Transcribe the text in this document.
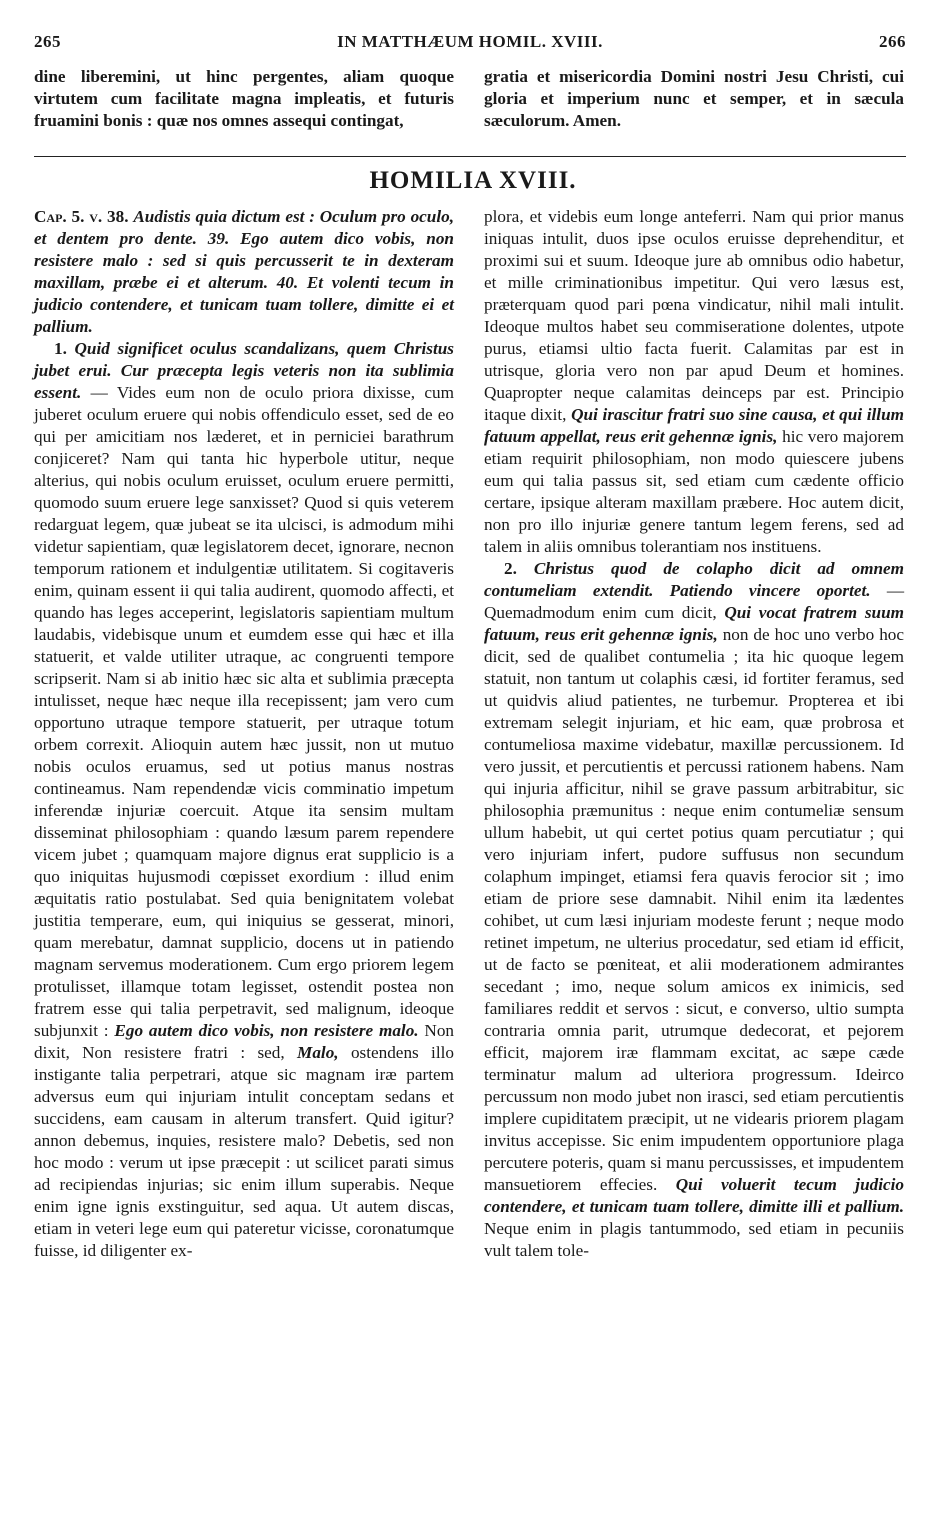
265	IN MATTHÆUM HOMIL. XVIII.	266

dine liberemini, ut hinc pergentes, aliam quoque virtutem cum facilitate magna impleatis, et futuris fruamini bonis : quæ nos omnes assequi contingat,

gratia et misericordia Domini nostri Jesu Christi, cui gloria et imperium nunc et semper, et in sæcula sæculorum. Amen.

HOMILIA XVIII.

Cap. 5. v. 38. Audistis quia dictum est : Oculum pro oculo, et dentem pro dente. 39. Ego autem dico vobis, non resistere malo : sed si quis percusserit te in dexteram maxillam, præbe ei et alterum. 40. Et volenti tecum in judicio contendere, et tunicam tuam tollere, dimitte ei et pallium.

1. Quid significet oculus scandalizans, quem Christus jubet erui. Cur præcepta legis veteris non ita sublimia essent. — Vides eum non de oculo priora dixisse, cum juberet oculum eruere qui nobis offendiculo esset, sed de eo qui per amicitiam nos læderet, et in perniciei barathrum conjiceret? Nam qui tanta hic hyperbole utitur, neque alterius, qui nobis oculum eruisset, oculum eruere permitti, quomodo suum eruere lege sanxisset? Quod si quis veterem redarguat legem, quæ jubeat se ita ulcisci, is admodum mihi videtur sapientiam, quæ legislatorem decet, ignorare, necnon temporum rationem et indulgentiæ utilitatem. Si cogitaveris enim, quinam essent ii qui talia audirent, quomodo affecti, et quando has leges acceperint, legislatoris sapientiam multum laudabis, videbisque unum et eumdem esse qui hæc et illa statuerit, et valde utiliter utraque, ac congruenti tempore scripserit. Nam si ab initio hæc sic alta et sublimia præcepta intulisset, neque hæc neque illa recepissent; jam vero cum opportuno utraque tempore statuerit, per utraque totum orbem correxit. Alioquin autem hæc jussit, non ut mutuo nobis oculos eruamus, sed ut potius manus nostras contineamus. Nam rependendæ vicis comminatio impetum inferendæ injuriæ coercuit. Atque ita sensim multam disseminat philosophiam : quando læsum parem rependere vicem jubet ; quamquam majore dignus erat supplicio is a quo iniquitas hujusmodi cœpisset exordium : illud enim æquitatis ratio postulabat. Sed quia benignitatem volebat justitia temperare, eum, qui iniquius se gesserat, minori, quam merebatur, damnat supplicio, docens ut in patiendo magnam servemus moderationem. Cum ergo priorem legem protulisset, illamque totam legisset, ostendit postea non fratrem esse qui talia perpetravit, sed malignum, ideoque subjunxit : Ego autem dico vobis, non resistere malo. Non dixit, Non resistere fratri : sed, Malo, ostendens illo instigante talia perpetrari, atque sic magnam iræ partem adversus eum qui injuriam intulit conceptam sedans et succidens, eam causam in alterum transfert. Quid igitur? annon debemus, inquies, resistere malo? Debetis, sed non hoc modo : verum ut ipse præcepit : ut scilicet parati simus ad recipiendas injurias; sic enim illum superabis. Neque enim igne ignis exstinguitur, sed aqua. Ut autem discas, etiam in veteri lege eum qui pateretur vicisse, coronatumque fuisse, id diligenter ex-

plora, et videbis eum longe anteferri. Nam qui prior manus iniquas intulit, duos ipse oculos eruisse deprehenditur, et proximi sui et suum. Ideoque jure ab omnibus odio habetur, et mille criminationibus impetitur. Qui vero læsus est, præterquam quod pari pœna vindicatur, nihil mali intulit. Ideoque multos habet seu commiseratione dolentes, utpote purus, etiamsi ultio facta fuerit. Calamitas par est in utrisque, gloria vero non par apud Deum et homines. Quapropter neque calamitas deinceps par est. Principio itaque dixit, Qui irascitur fratri suo sine causa, et qui illum fatuum appellat, reus erit gehennæ ignis, hic vero majorem etiam requirit philosophiam, non modo quiescere jubens eum qui talia passus sit, sed etiam cum cædente officio certare, ipsique alteram maxillam præbere. Hoc autem dicit, non pro illo injuriæ genere tantum legem ferens, sed ad talem in aliis omnibus tolerantiam nos instituens.

2. Christus quod de colapho dicit ad omnem contumeliam extendit. Patiendo vincere oportet. — Quemadmodum enim cum dicit, Qui vocat fratrem suum fatuum, reus erit gehennæ ignis, non de hoc uno verbo hoc dicit, sed de qualibet contumelia ; ita hic quoque legem statuit, non tantum ut colaphis cæsi, id fortiter feramus, sed ut quidvis aliud patientes, ne turbemur. Propterea et ibi extremam selegit injuriam, et hic eam, quæ probrosa et contumeliosa maxime videbatur, maxillæ percussionem. Id vero jussit, et percutientis et percussi rationem habens. Nam qui injuria afficitur, nihil se grave passum arbitrabitur, sic philosophia præmunitus : neque enim contumeliæ sensum ullum habebit, ut qui certet potius quam percutiatur ; qui vero injuriam infert, pudore suffusus non secundum colaphum impinget, etiamsi fera quavis ferocior sit ; imo etiam de priore sese damnabit. Nihil enim ita lædentes cohibet, ut cum læsi injuriam modeste ferunt ; neque modo retinet impetum, ne ulterius procedatur, sed etiam id efficit, ut de facto se pœniteat, et alii moderationem admirantes secedant ; imo, neque solum amicos ex inimicis, sed familiares reddit et servos : sicut, e converso, ultio sumpta contraria omnia parit, utrumque dedecorat, et pejorem efficit, majorem iræ flammam excitat, ac sæpe cæde terminatur malum ad ulteriora progressum. Ideirco percussum non modo jubet non irasci, sed etiam percutientis implere cupiditatem præcipit, ut ne videaris priorem plagam invitus accepisse. Sic enim impudentem opportuniore plaga percutere poteris, quam si manu percussisses, et impudentem mansuetiorem effecies. Qui voluerit tecum judicio contendere, et tunicam tuam tollere, dimitte illi et pallium. Neque enim in plagis tantummodo, sed etiam in pecuniis vult talem tole-
